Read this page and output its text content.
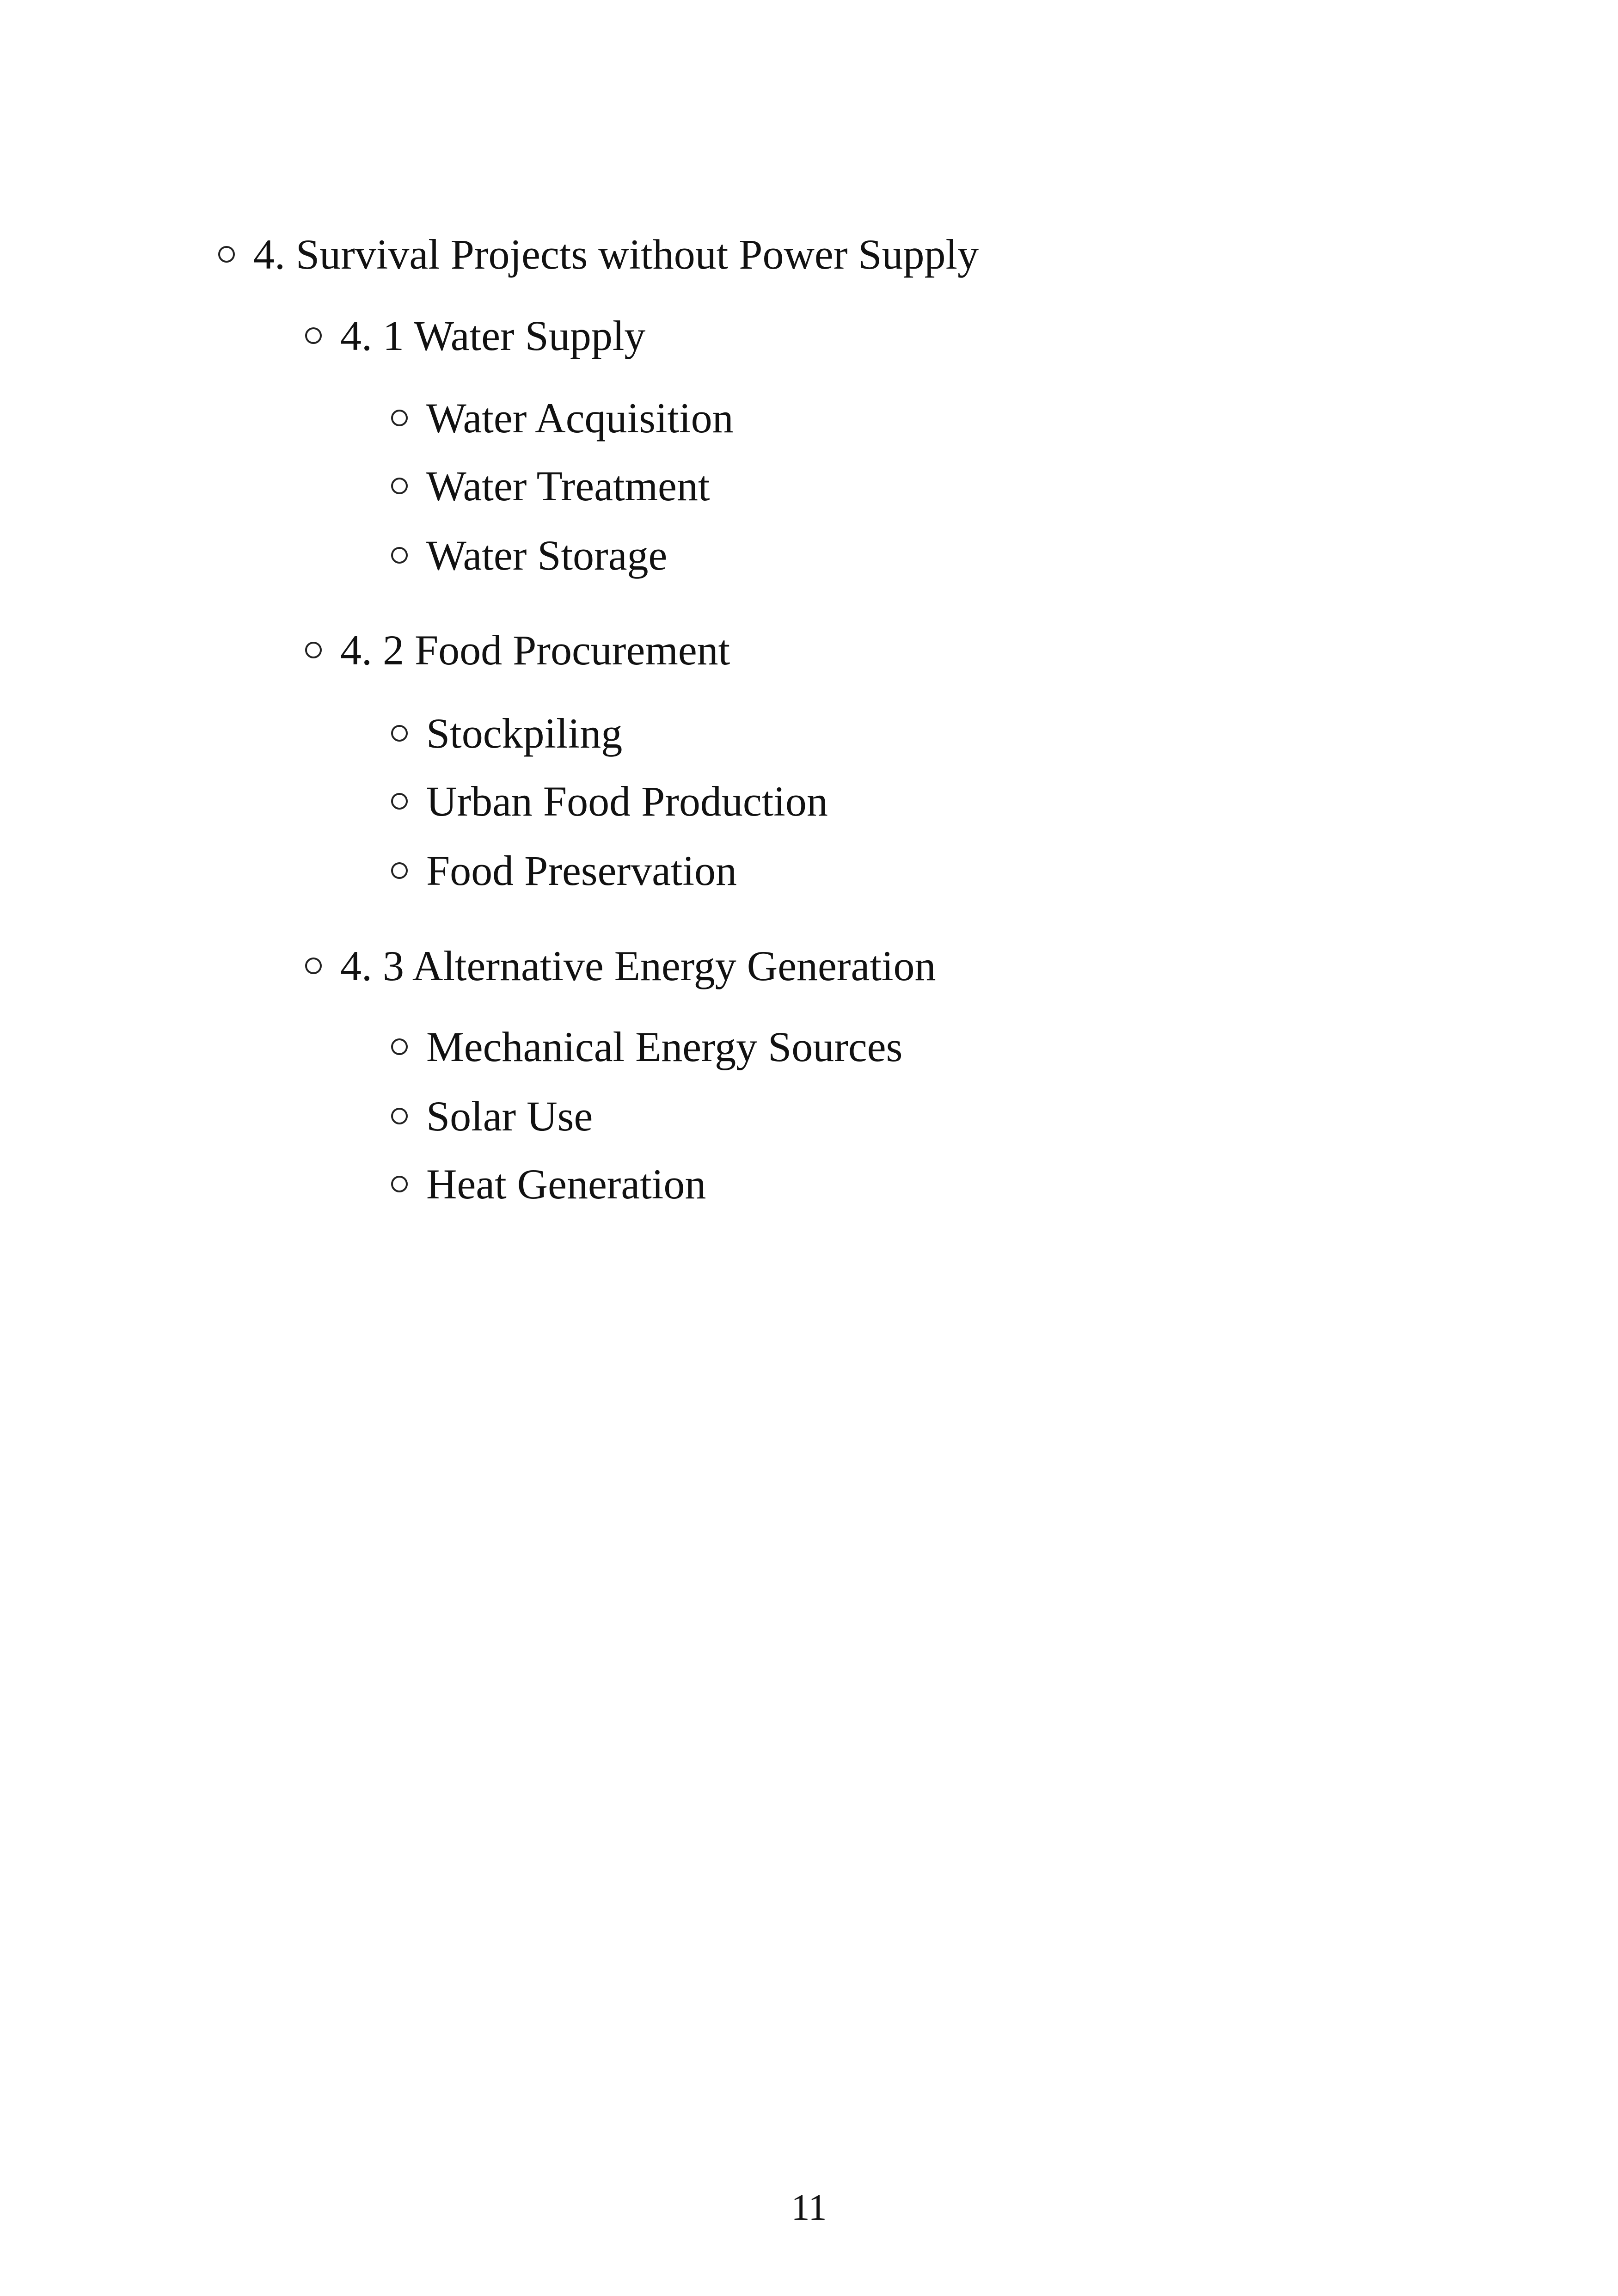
4. Survival Projects without Power Supply
4. 1 Water Supply
Water Acquisition
Water Treatment
Water Storage
4. 2 Food Procurement
Stockpiling
Urban Food Production
Food Preservation
4. 3 Alternative Energy Generation
Mechanical Energy Sources
Solar Use
Heat Generation
11
